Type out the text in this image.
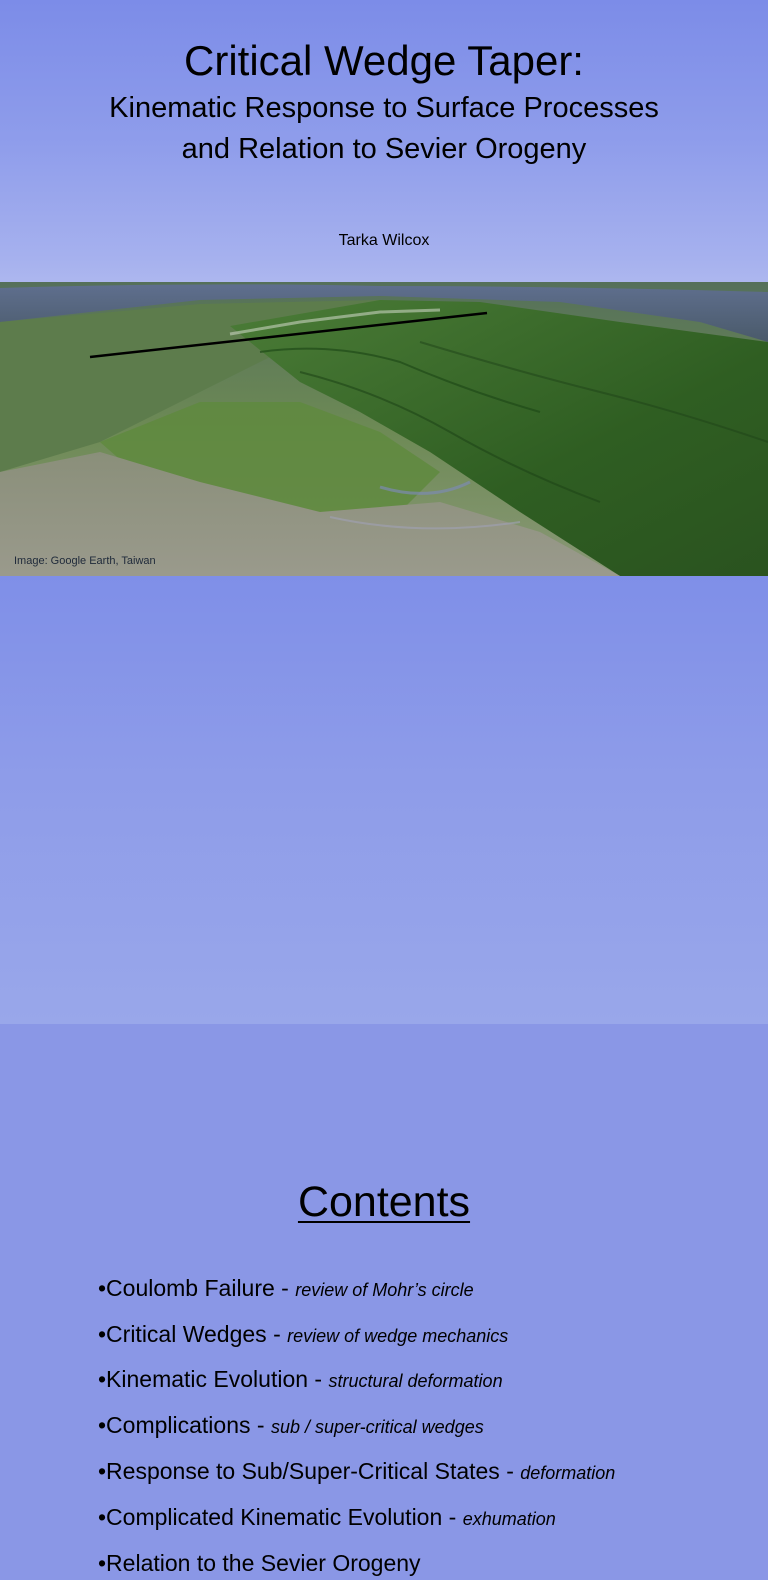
Critical Wedge Taper:
Kinematic Response to Surface Processes
and Relation to Sevier Orogeny
Tarka Wilcox
Image: Google Earth, Taiwan
Contents
•Coulomb Failure - review of Mohr’s circle
•Critical Wedges - review of wedge mechanics
•Kinematic Evolution - structural deformation
•Complications - sub / super-critical wedges
•Response to Sub/Super-Critical States - deformation
•Complicated Kinematic Evolution - exhumation
•Relation to the Sevier Orogeny
